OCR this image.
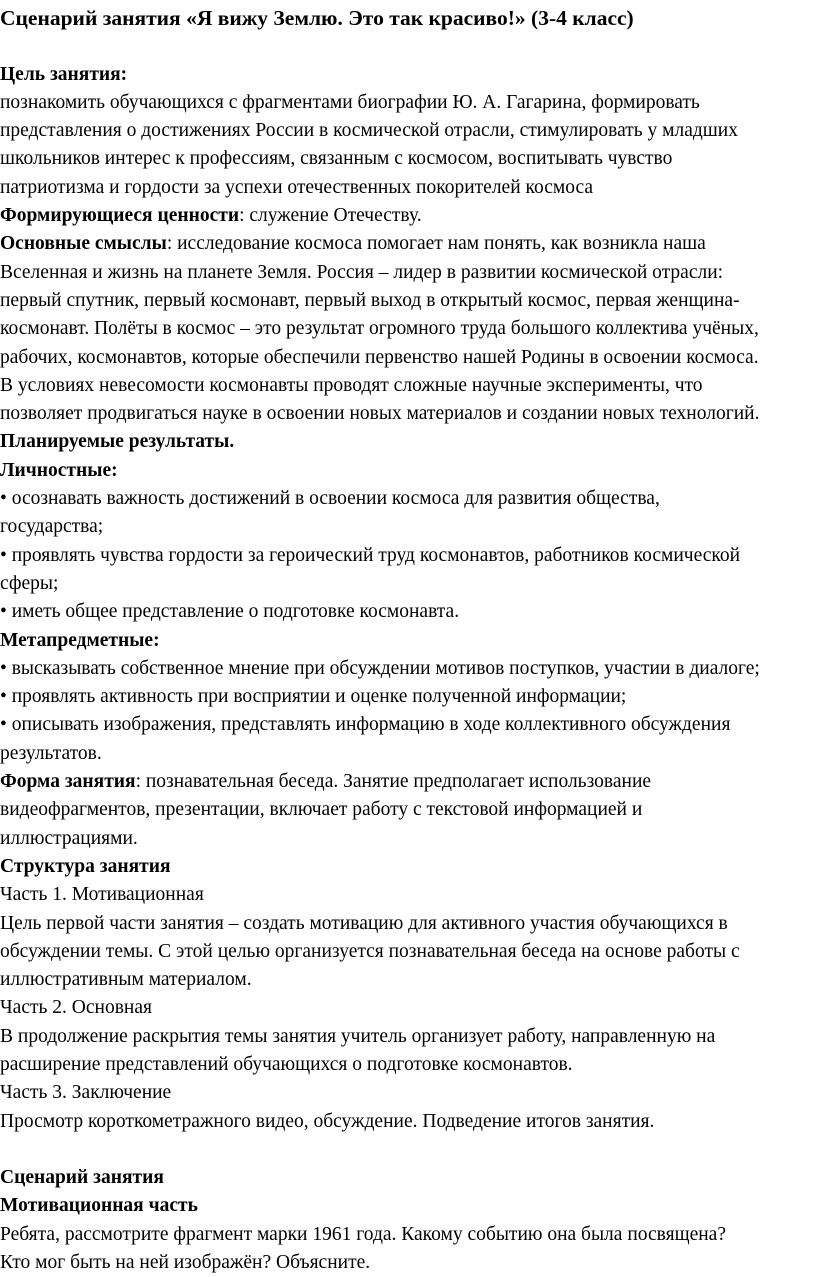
Сценарий занятия «Я вижу Землю. Это так красиво!» (3-4 класс)
Цель занятия:
познакомить обучающихся с фрагментами биографии Ю. А. Гагарина, формировать
представления о достижениях России в космической отрасли, стимулировать у младших
школьников интерес к профессиям, связанным с космосом, воспитывать чувство
патриотизма и гордости за успехи отечественных покорителей космоса
Формирующиеся ценности: служение Отечеству.
Основные смыслы: исследование космоса помогает нам понять, как возникла наша
Вселенная и жизнь на планете Земля. Россия – лидер в развитии космической отрасли:
первый спутник, первый космонавт, первый выход в открытый космос, первая женщина-
космонавт. Полёты в космос – это результат огромного труда большого коллектива учёных,
рабочих, космонавтов, которые обеспечили первенство нашей Родины в освоении космоса.
В условиях невесомости космонавты проводят сложные научные эксперименты, что
позволяет продвигаться науке в освоении новых материалов и создании новых технологий.
Планируемые результаты.
Личностные:
• осознавать важность достижений в освоении космоса для развития общества,
государства;
• проявлять чувства гордости за героический труд космонавтов, работников космической
сферы;
• иметь общее представление о подготовке космонавта.
Метапредметные:
• высказывать собственное мнение при обсуждении мотивов поступков, участии в диалоге;
• проявлять активность при восприятии и оценке полученной информации;
• описывать изображения, представлять информацию в ходе коллективного обсуждения
результатов.
Форма занятия: познавательная беседа. Занятие предполагает использование
видеофрагментов, презентации, включает работу с текстовой информацией и
иллюстрациями.
Структура занятия
Часть 1. Мотивационная
Цель первой части занятия – создать мотивацию для активного участия обучающихся в
обсуждении темы. С этой целью организуется познавательная беседа на основе работы с
иллюстративным материалом.
Часть 2. Основная
В продолжение раскрытия темы занятия учитель организует работу, направленную на
расширение представлений обучающихся о подготовке космонавтов.
Часть 3. Заключение
Просмотр короткометражного видео, обсуждение. Подведение итогов занятия.
Сценарий занятия
Мотивационная часть
Ребята, рассмотрите фрагмент марки 1961 года. Какому событию она была посвящена?
Кто мог быть на ней изображён? Объясните.
